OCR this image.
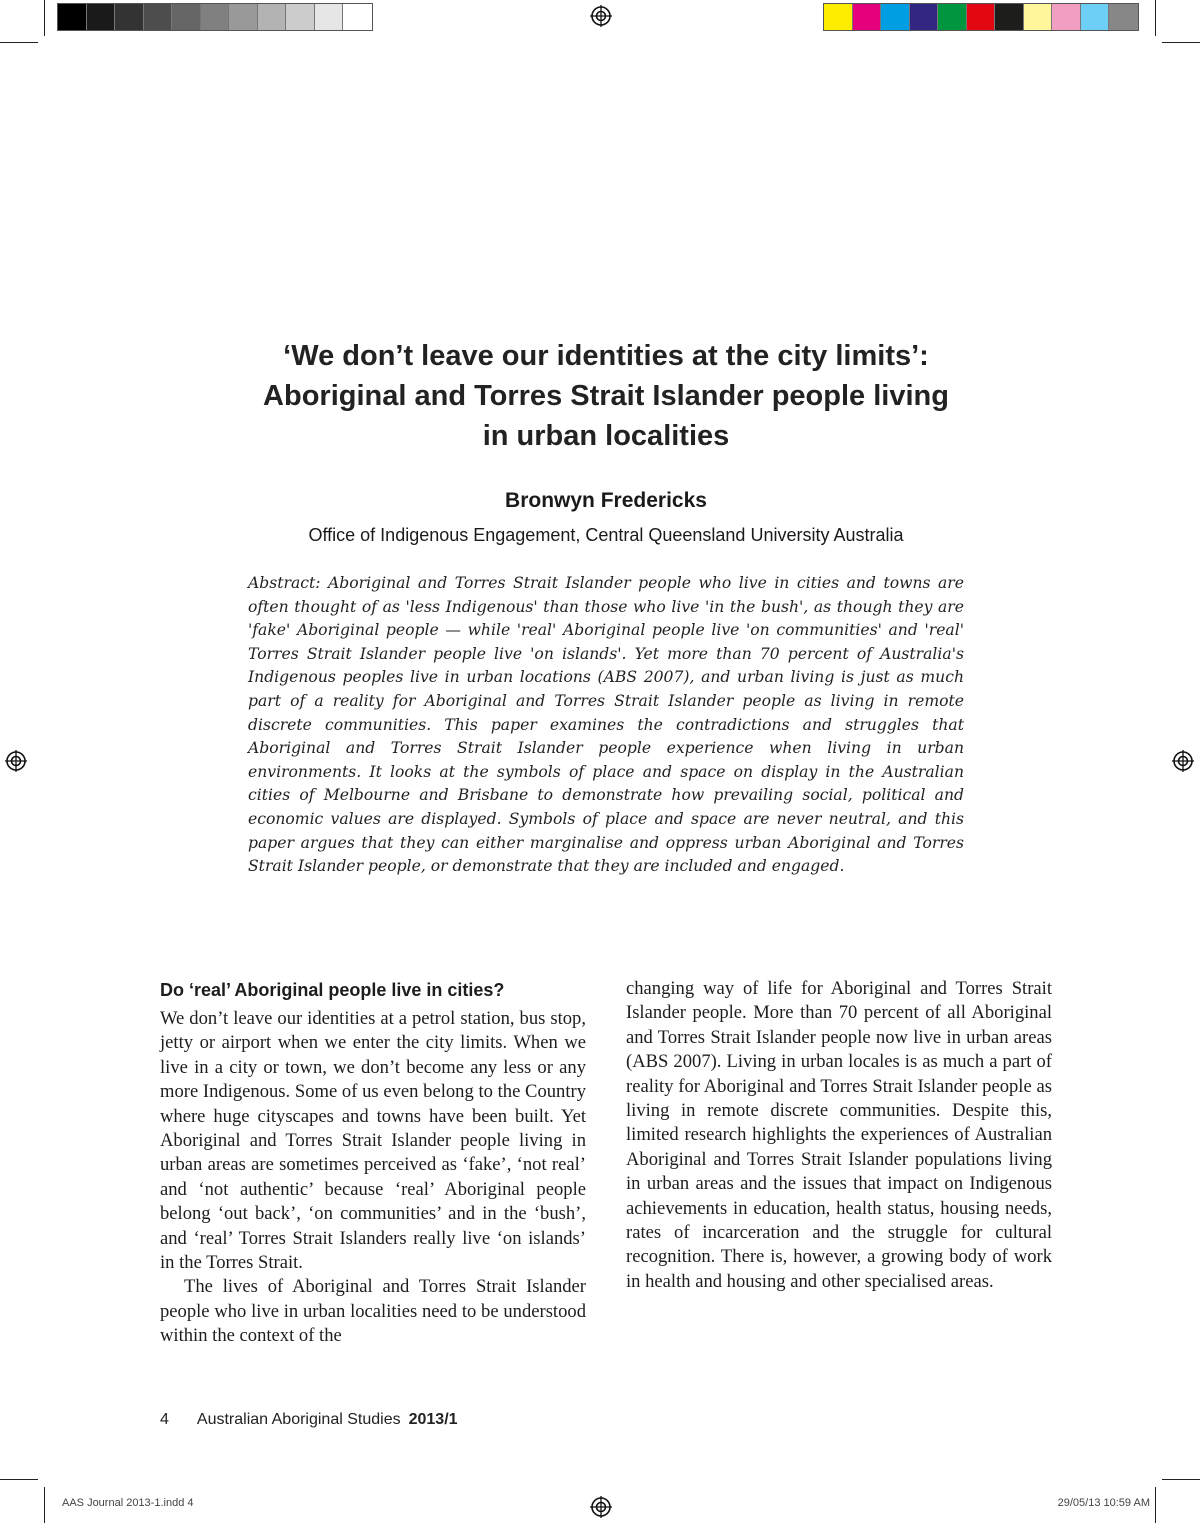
AAS Journal 2013-1.indd 4	29/05/13 10:59 AM
‘We don’t leave our identities at the city limits’:
Aboriginal and Torres Strait Islander people living
in urban localities

Bronwyn Fredericks

Office of Indigenous Engagement, Central Queensland University Australia

Abstract: Aboriginal and Torres Strait Islander people who live in cities and towns are often thought of as 'less Indigenous' than those who live 'in the bush', as though they are 'fake' Aboriginal people — while 'real' Aboriginal people live 'on communities' and 'real' Torres Strait Islander people live 'on islands'. Yet more than 70 percent of Australia's Indigenous peoples live in urban locations (ABS 2007), and urban living is just as much part of a reality for Aboriginal and Torres Strait Islander people as living in remote discrete communities. This paper examines the contradictions and struggles that Aboriginal and Torres Strait Islander people experience when living in urban environments. It looks at the symbols of place and space on display in the Australian cities of Melbourne and Brisbane to demonstrate how prevailing social, political and economic values are displayed. Symbols of place and space are never neutral, and this paper argues that they can either marginalise and oppress urban Aboriginal and Torres Strait Islander people, or demonstrate that they are included and engaged.

Do ‘real’ Aboriginal people live in cities?

We don’t leave our identities at a petrol station, bus stop, jetty or airport when we enter the city limits. When we live in a city or town, we don’t become any less or any more Indigenous. Some of us even belong to the Country where huge cityscapes and towns have been built. Yet Aboriginal and Torres Strait Islander people living in urban areas are sometimes perceived as ‘fake’, ‘not real’ and ‘not authentic’ because ‘real’ Aboriginal people belong ‘out back’, ‘on communities’ and in the ‘bush’, and ‘real’ Torres Strait Islanders really live ‘on islands’ in the Torres Strait.

The lives of Aboriginal and Torres Strait Islander people who live in urban localities need to be understood within the context of the

changing way of life for Aboriginal and Torres Strait Islander people. More than 70 percent of all Aboriginal and Torres Strait Islander people now live in urban areas (ABS 2007). Living in urban locales is as much a part of reality for Aboriginal and Torres Strait Islander people as living in remote discrete communities. Despite this, limited research highlights the experiences of Australian Aboriginal and Torres Strait Islander populations living in urban areas and the issues that impact on Indigenous achievements in education, health status, housing needs, rates of incarceration and the struggle for cultural recognition. There is, however, a growing body of work in health and housing and other specialised areas.

4 Australian Aboriginal Studies 2013/1
